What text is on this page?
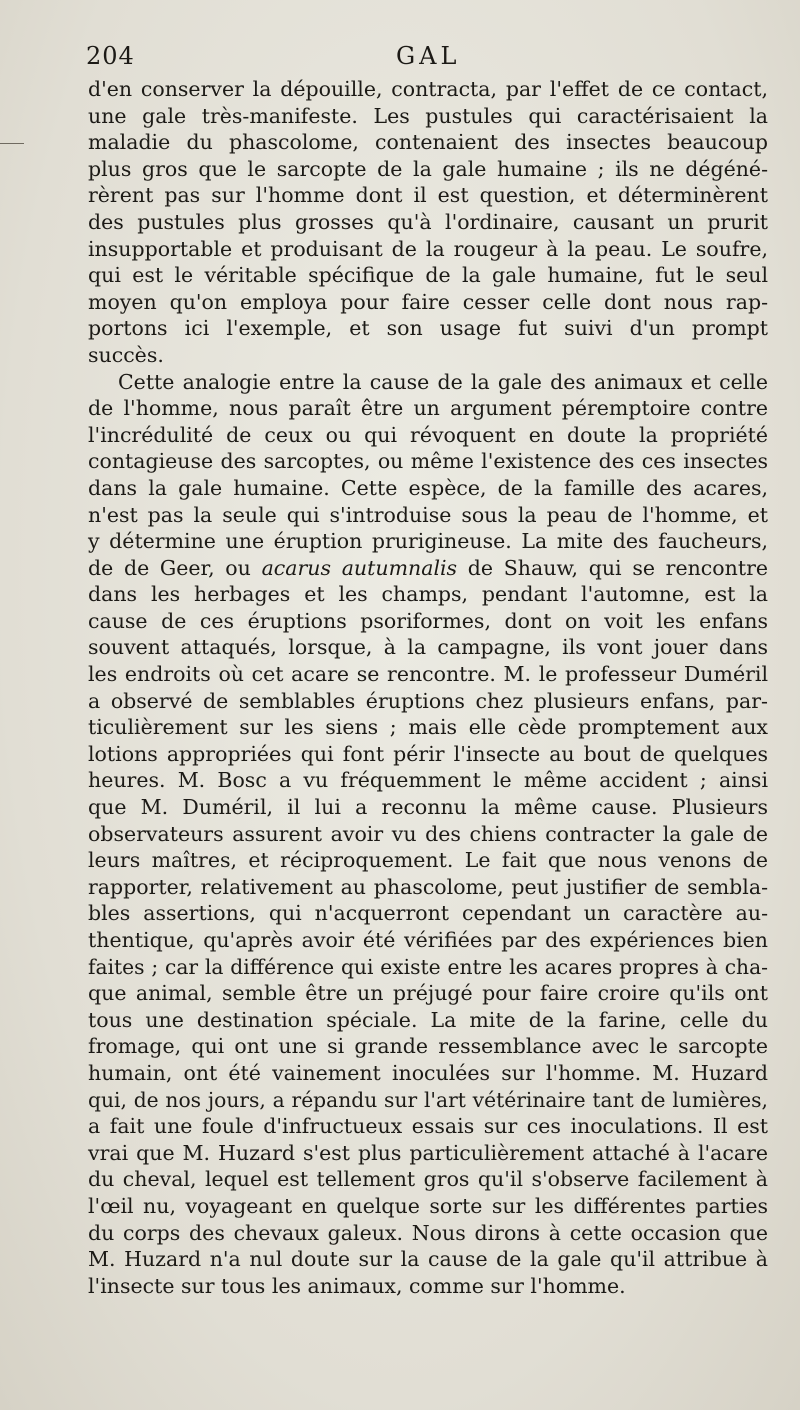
204	GAL
d'en conserver la dépouille, contracta, par l'effet de ce contact,
une gale très-manifeste. Les pustules qui caractérisaient la
maladie du phascolome, contenaient des insectes beaucoup
plus gros que le sarcopte de la gale humaine ; ils ne dégéné-
rèrent pas sur l'homme dont il est question, et déterminèrent
des pustules plus grosses qu'à l'ordinaire, causant un prurit
insupportable et produisant de la rougeur à la peau. Le soufre,
qui est le véritable spécifique de la gale humaine, fut le seul
moyen qu'on employa pour faire cesser celle dont nous rap-
portons ici l'exemple, et son usage fut suivi d'un prompt
succès.
Cette analogie entre la cause de la gale des animaux et celle
de l'homme, nous paraît être un argument péremptoire contre
l'incrédulité de ceux ou qui révoquent en doute la propriété
contagieuse des sarcoptes, ou même l'existence des ces insectes
dans la gale humaine. Cette espèce, de la famille des acares,
n'est pas la seule qui s'introduise sous la peau de l'homme, et
y détermine une éruption prurigineuse. La mite des faucheurs,
de de Geer, ou acarus autumnalis de Shauw, qui se rencontre
dans les herbages et les champs, pendant l'automne, est la
cause de ces éruptions psoriformes, dont on voit les enfans
souvent attaqués, lorsque, à la campagne, ils vont jouer dans
les endroits où cet acare se rencontre. M. le professeur Duméril
a observé de semblables éruptions chez plusieurs enfans, par-
ticulièrement sur les siens ; mais elle cède promptement aux
lotions appropriées qui font périr l'insecte au bout de quelques
heures. M. Bosc a vu fréquemment le même accident ; ainsi
que M. Duméril, il lui a reconnu la même cause. Plusieurs
observateurs assurent avoir vu des chiens contracter la gale de
leurs maîtres, et réciproquement. Le fait que nous venons de
rapporter, relativement au phascolome, peut justifier de sembla-
bles assertions, qui n'acquerront cependant un caractère au-
thentique, qu'après avoir été vérifiées par des expériences bien
faites ; car la différence qui existe entre les acares propres à cha-
que animal, semble être un préjugé pour faire croire qu'ils ont
tous une destination spéciale. La mite de la farine, celle du
fromage, qui ont une si grande ressemblance avec le sarcopte
humain, ont été vainement inoculées sur l'homme. M. Huzard
qui, de nos jours, a répandu sur l'art vétérinaire tant de lumières,
a fait une foule d'infructueux essais sur ces inoculations. Il est
vrai que M. Huzard s'est plus particulièrement attaché à l'acare
du cheval, lequel est tellement gros qu'il s'observe facilement à
l'œil nu, voyageant en quelque sorte sur les différentes parties
du corps des chevaux galeux. Nous dirons à cette occasion que
M. Huzard n'a nul doute sur la cause de la gale qu'il attribue à
l'insecte sur tous les animaux, comme sur l'homme.
